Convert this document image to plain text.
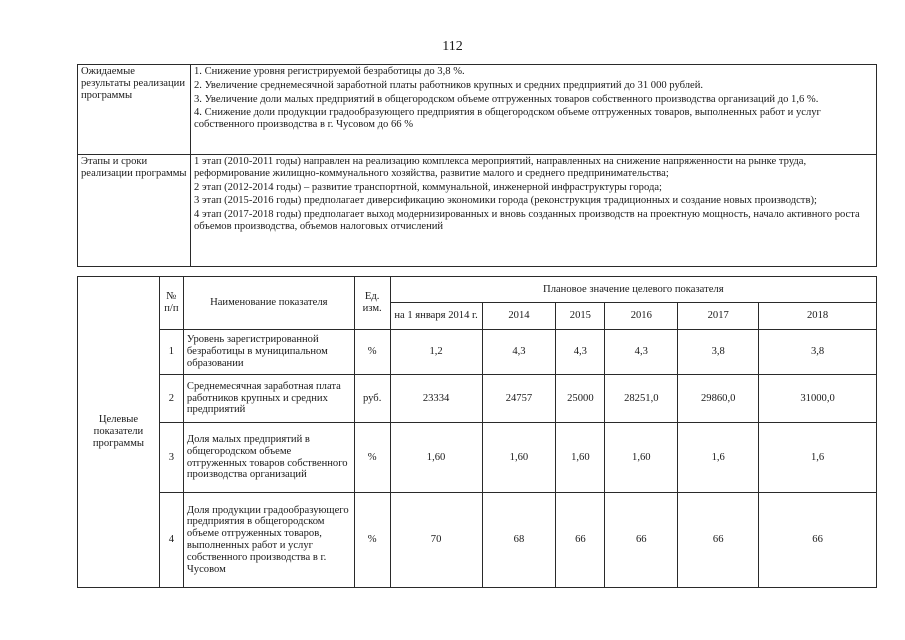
112
Ожидаемые результаты реализации программы	1. Снижение уровня регистрируемой безработицы до 3,8 %.
2. Увеличение среднемесячной заработной платы работников крупных и средних предприятий до 31 000 рублей.
3. Увеличение доли малых предприятий в общегородском объеме отгруженных товаров собственного производства организаций до 1,6 %.
4. Снижение доли продукции градообразующего предприятия в общегородском объеме отгруженных товаров, выполненных работ и услуг собственного производства в г. Чусовом до 66 %

Этапы и сроки реализации программы	1 этап (2010-2011 годы) направлен на реализацию комплекса мероприятий, направленных на снижение напряженности на рынке труда, реформирование жилищно-коммунального хозяйства, развитие малого и среднего предпринимательства;
2 этап (2012-2014 годы) – развитие транспортной, коммунальной, инженерной инфраструктуры города;
3 этап (2015-2016 годы) предполагает диверсификацию экономики города (реконструкция традиционных и создание новых производств);
4 этап (2017-2018 годы) предполагает выход модернизированных и вновь созданных производств на проектную мощность, начало активного роста объемов производства, объемов налоговых отчислений
Целевые показатели программы	№ п/п	Наименование показателя	Ед. изм.	Плановое значение целевого показателя					
				на 1 января 2014 г.	2014	2015	2016	2017	2018
	1	Уровень зарегистрированной безработицы в муниципальном образовании	%	1,2	4,3	4,3	4,3	3,8	3,8
	2	Среднемесячная заработная плата работников крупных и средних предприятий	руб.	23334	24757	25000	28251,0	29860,0	31000,0
	3	Доля малых предприятий в общегородском объеме отгруженных товаров собственного производства организаций	%	1,60	1,60	1,60	1,60	1,6	1,6
	4	Доля продукции градообразующего предприятия в общегородском объеме отгруженных товаров, выполненных работ и услуг собственного производства в г. Чусовом	%	70	68	66	66	66	66
